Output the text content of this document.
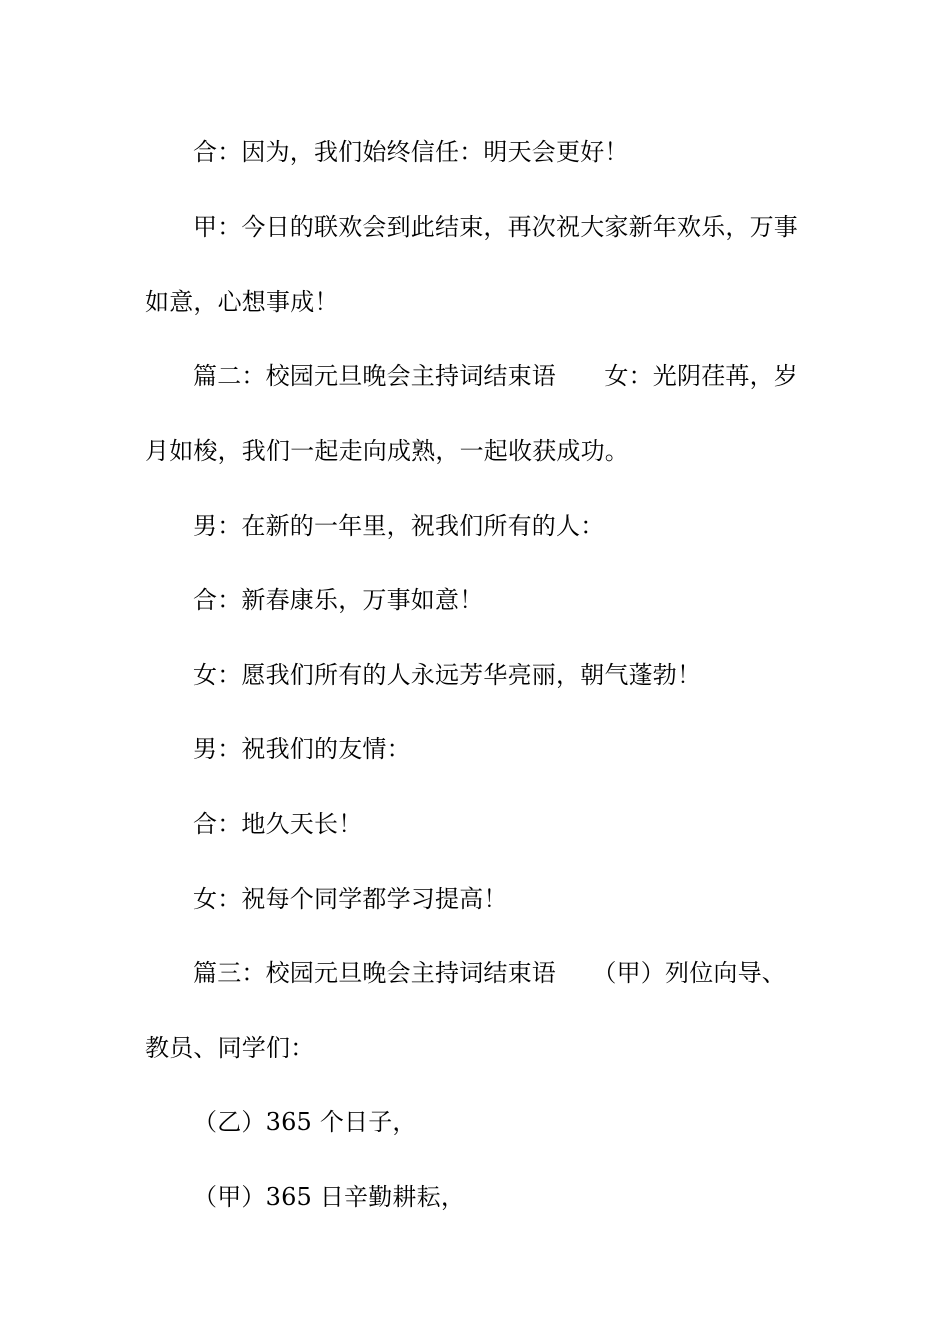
合：因为，我们始终信任：明天会更好！
甲：今日的联欢会到此结束，再次祝大家新年欢乐，万事
如意，心想事成！
篇二：校园元旦晚会主持词结束语　　女：光阴荏苒，岁
月如梭，我们一起走向成熟，一起收获成功。
男：在新的一年里，祝我们所有的人：
合：新春康乐，万事如意！
女：愿我们所有的人永远芳华亮丽，朝气蓬勃！
男：祝我们的友情：
合：地久天长！
女：祝每个同学都学习提高！
篇三：校园元旦晚会主持词结束语　　（甲）列位向导、
教员、同学们：
（乙）365 个日子，
（甲）365 日辛勤耕耘，
